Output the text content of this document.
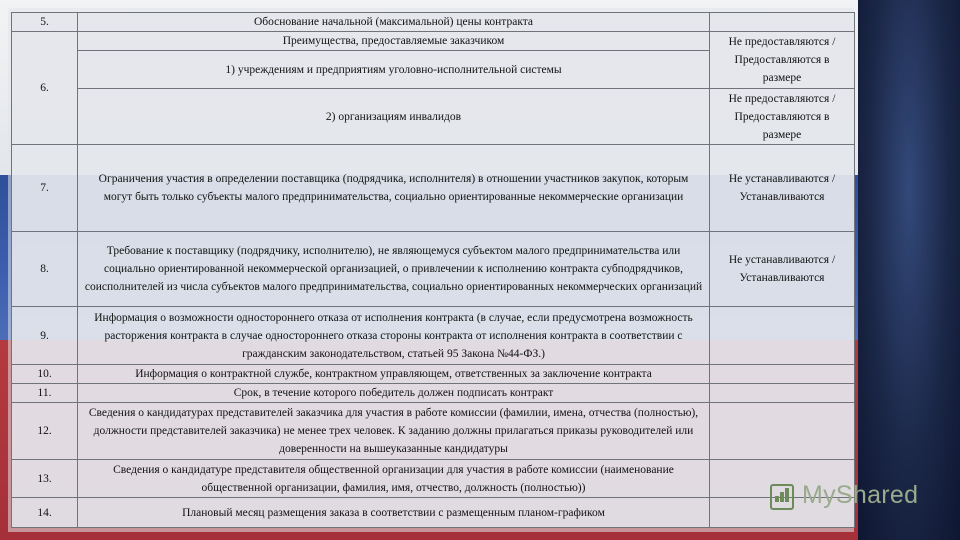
5.	Обоснование начальной (максимальной) цены контракта	
6.	Преимущества, предоставляемые заказчиком	Не предоставляются / Предоставляются в размере
	1) учреждениям и предприятиям уголовно-исполнительной системы	
	2) организациям инвалидов	Не предоставляются / Предоставляются в размере
7.	Ограничения участия в определении поставщика (подрядчика, исполнителя) в отношении участников закупок, которым могут быть только субъекты малого предпринимательства, социально ориентированные некоммерческие организации	Не устанавливаются / Устанавливаются
8.	Требование к поставщику (подрядчику, исполнителю), не являющемуся субъектом малого предпринимательства или социально ориентированной некоммерческой организацией, о привлечении к исполнению контракта субподрядчиков, соисполнителей из числа субъектов малого предпринимательства, социально ориентированных некоммерческих организаций	Не устанавливаются / Устанавливаются
9.	Информация о возможности одностороннего отказа от исполнения контракта (в случае, если предусмотрена возможность расторжения контракта в случае одностороннего отказа стороны контракта от исполнения контракта в соответствии с гражданским законодательством, статьей 95 Закона №44-ФЗ.)	
10.	Информация о контрактной службе, контрактном управляющем, ответственных за заключение контракта	
11.	Срок, в течение которого победитель должен подписать контракт	
12.	Сведения о кандидатурах представителей заказчика для участия в работе комиссии (фамилии, имена, отчества (полностью), должности представителей заказчика) не менее трех человек. К заданию должны прилагаться приказы руководителей или доверенности на вышеуказанные кандидатуры	
13.	Сведения о кандидатуре представителя общественной организации для участия в работе комиссии (наименование общественной организации, фамилия, имя, отчество, должность (полностью))	
14.	Плановый месяц размещения заказа в соответствии с размещенным планом-графиком	
MyShared
